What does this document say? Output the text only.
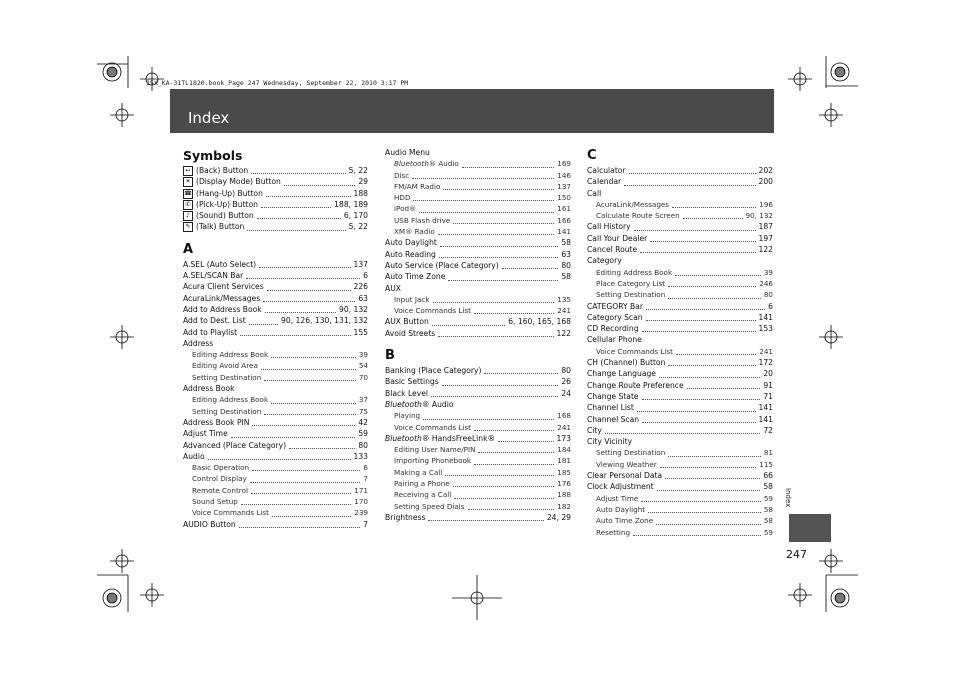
15X_KA-31TL1820.book Page 247 Wednesday, September 22, 2010 3:17 PM
Index
Symbols
↩ (Back) Button	5, 22
☀ (Display Mode) Button	29
☎ (Hang-Up) Button	188
✆ (Pick-Up) Button	188, 189
♪ (Sound) Button	6, 170
✎ (Talk) Button	5, 22
A
A.SEL (Auto Select)	137
A.SEL/SCAN Bar	6
Acura Client Services	226
AcuraLink/Messages	63
Add to Address Book	90, 132
Add to Dest. List	90, 126, 130, 131, 132
Add to Playlist	155
Address
Editing Address Book	39
Editing Avoid Area	54
Setting Destination	70
Address Book
Editing Address Book	37
Setting Destination	75
Address Book PIN	42
Adjust Time	59
Advanced (Place Category)	80
Audio	133
Basic Operation	6
Control Display	7
Remote Control	171
Sound Setup	170
Voice Commands List	239
AUDIO Button	7
Audio Menu
Bluetooth® Audio	169
Disc	146
FM/AM Radio	137
HDD	150
iPod®	161
USB Flash drive	166
XM® Radio	141
Auto Daylight	58
Auto Reading	63
Auto Service (Place Category)	80
Auto Time Zone	58
AUX
Input Jack	135
Voice Commands List	241
AUX Button	6, 160, 165, 168
Avoid Streets	122
B
Banking (Place Category)	80
Basic Settings	26
Black Level	24
Bluetooth® Audio
Playing	168
Voice Commands List	241
Bluetooth® HandsFreeLink®	173
Editing User Name/PIN	184
Importing Phonebook	181
Making a Call	185
Pairing a Phone	176
Receiving a Call	188
Setting Speed Dials	182
Brightness	24, 29
C
Calculator	202
Calendar	200
Call
AcuraLink/Messages	196
Calculate Route Screen	90, 132
Call History	187
Call Your Dealer	197
Cancel Route	122
Category
Editing Address Book	39
Place Category List	246
Setting Destination	80
CATEGORY Bar	6
Category Scan	141
CD Recording	153
Cellular Phone
Voice Commands List	241
CH (Channel) Button	172
Change Language	20
Change Route Preference	91
Change State	71
Channel List	141
Channel Scan	141
City	72
City Vicinity
Setting Destination	81
Viewing Weather	115
Clear Personal Data	66
Clock Adjustment	58
Adjust Time	59
Auto Daylight	58
Auto Time Zone	58
Resetting	59
Index
247
